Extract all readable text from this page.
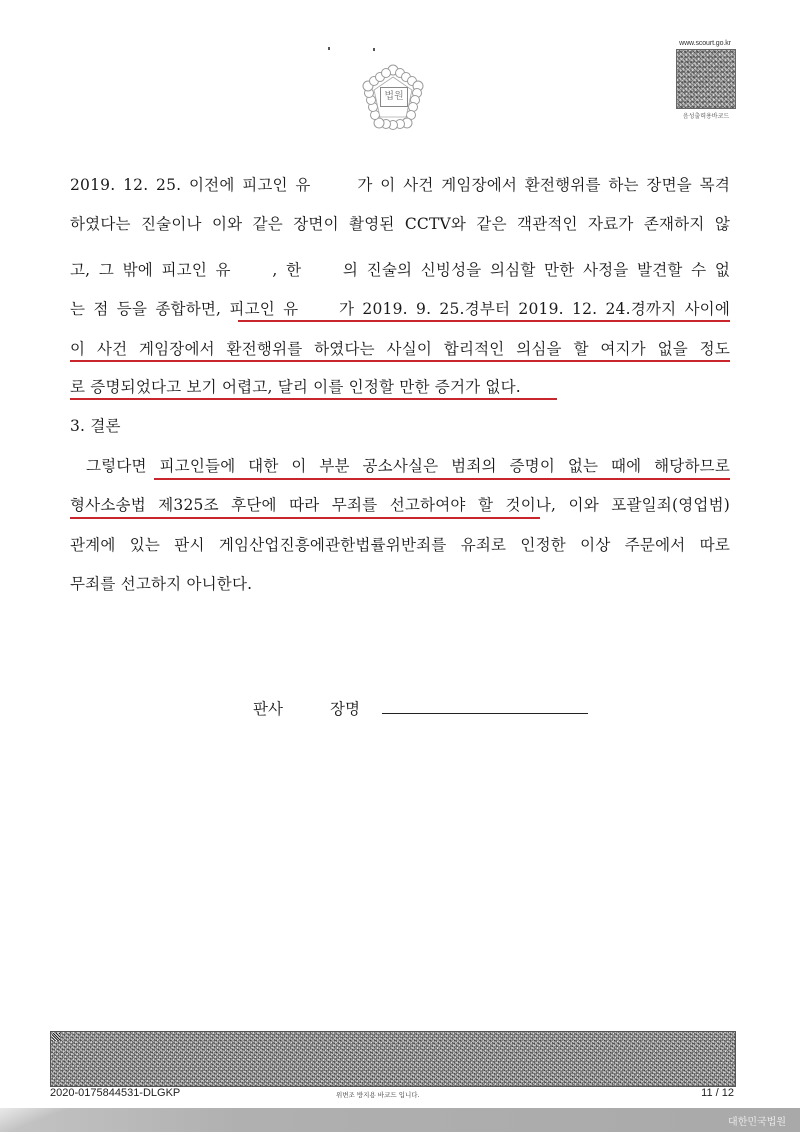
법원
www.scourt.go.kr
음성출력용바코드
2019. 12. 25. 이전에 피고인 유　　 가 이 사건 게임장에서 환전행위를 하는 장면을 목격
하였다는 진술이나 이와 같은 장면이 촬영된 CCTV와 같은 객관적인 자료가 존재하지 않
고, 그 밖에 피고인 유　　, 한　　의 진술의 신빙성을 의심할 만한 사정을 발견할 수 없
는 점 등을 종합하면, 피고인 유　　가 2019. 9. 25.경부터 2019. 12. 24.경까지 사이에
이 사건 게임장에서 환전행위를 하였다는 사실이 합리적인 의심을 할 여지가 없을 정도
로 증명되었다고 보기 어렵고, 달리 이를 인정할 만한 증거가 없다.
3. 결론
그렇다면 피고인들에 대한 이 부분 공소사실은 범죄의 증명이 없는 때에 해당하므로
형사소송법 제325조 후단에 따라 무죄를 선고하여야 할 것이나, 이와 포괄일죄(영업범)
관계에 있는 판시 게임산업진흥에관한법률위반죄를 유죄로 인정한 이상 주문에서 따로
무죄를 선고하지 아니한다.
판사	장명
2020-0175844531-DLGKP	위변조 방지용 바코드 입니다.	11 / 12
대한민국법원
